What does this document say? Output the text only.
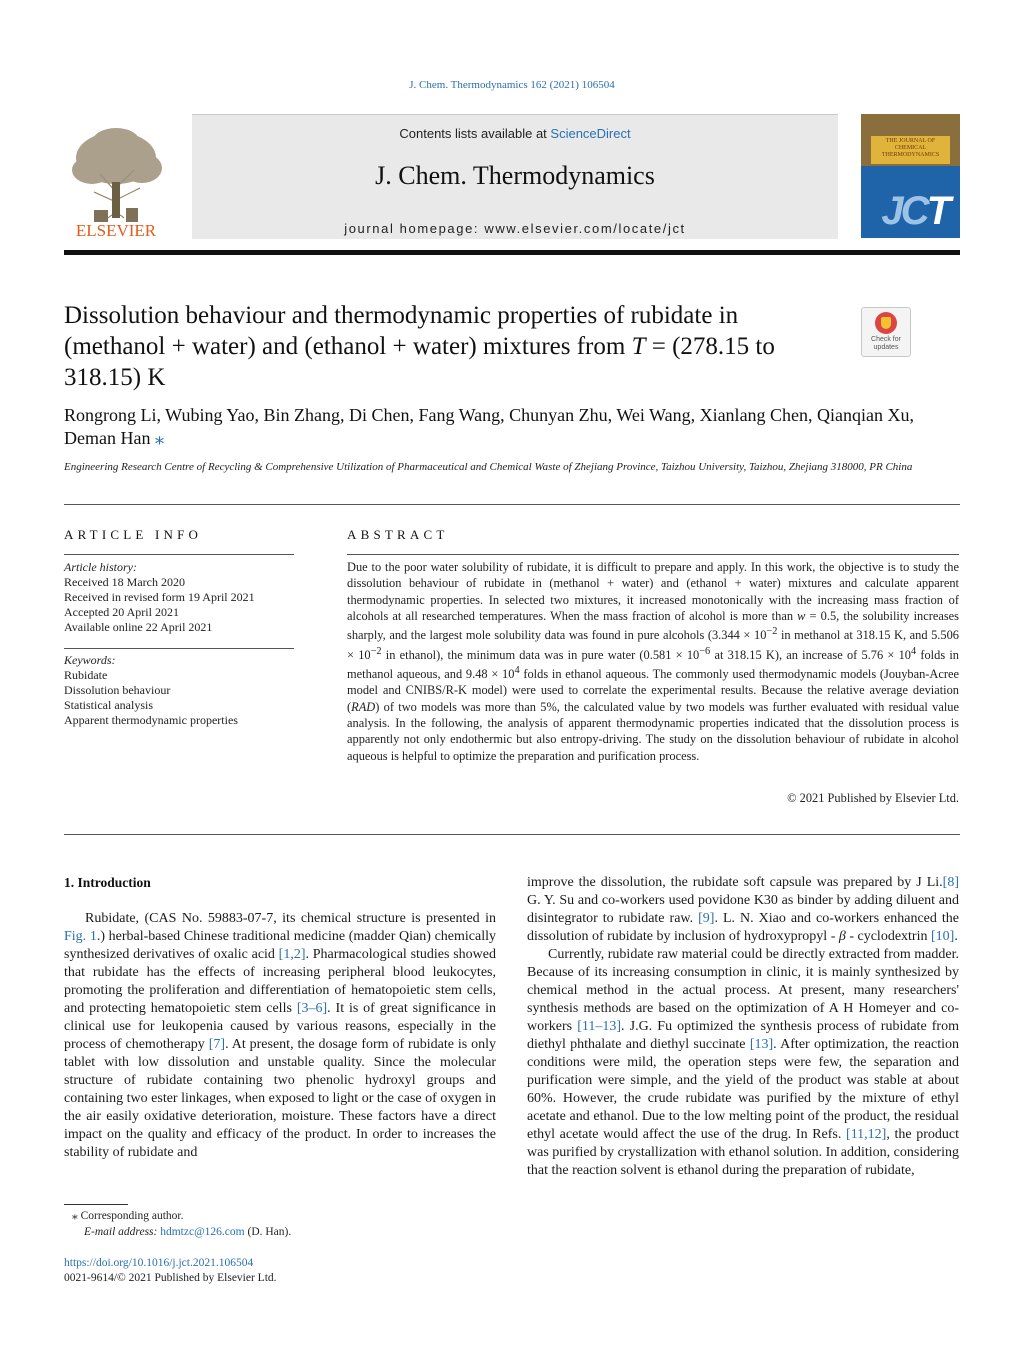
J. Chem. Thermodynamics 162 (2021) 106504
ELSEVIER
Contents lists available at ScienceDirect
J. Chem. Thermodynamics
journal homepage: www.elsevier.com/locate/jct
THE JOURNAL OF CHEMICAL THERMODYNAMICS
JCT
Dissolution behaviour and thermodynamic properties of rubidate in (methanol + water) and (ethanol + water) mixtures from T = (278.15 to 318.15) K
Check for updates
Rongrong Li, Wubing Yao, Bin Zhang, Di Chen, Fang Wang, Chunyan Zhu, Wei Wang, Xianlang Chen, Qianqian Xu, Deman Han ⁎
Engineering Research Centre of Recycling & Comprehensive Utilization of Pharmaceutical and Chemical Waste of Zhejiang Province, Taizhou University, Taizhou, Zhejiang 318000, PR China
ARTICLE INFO	ABSTRACT
Article history:
Received 18 March 2020
Received in revised form 19 April 2021
Accepted 20 April 2021
Available online 22 April 2021
Keywords:
Rubidate
Dissolution behaviour
Statistical analysis
Apparent thermodynamic properties
Due to the poor water solubility of rubidate, it is difficult to prepare and apply. In this work, the objective is to study the dissolution behaviour of rubidate in (methanol + water) and (ethanol + water) mixtures and calculate apparent thermodynamic properties. In selected two mixtures, it increased monotonically with the increasing mass fraction of alcohols at all researched temperatures. When the mass fraction of alcohol is more than w = 0.5, the solubility increases sharply, and the largest mole solubility data was found in pure alcohols ($3.344 \times 10^{-2}$ in methanol at 318.15 K, and $5.506 \times 10^{-2}$ in ethanol), the minimum data was in pure water ($0.581 \times 10^{-6}$ at 318.15 K), an increase of $5.76 \times 10^4$ folds in methanol aqueous, and $9.48 \times 10^4$ folds in ethanol aqueous. The commonly used thermodynamic models (Jouyban-Acree model and CNIBS/R-K model) were used to correlate the experimental results. Because the relative average deviation (RAD) of two models was more than 5%, the calculated value by two models was further evaluated with residual value analysis. In the following, the analysis of apparent thermodynamic properties indicated that the dissolution process is apparently not only endothermic but also entropy-driving. The study on the dissolution behaviour of rubidate in alcohol aqueous is helpful to optimize the preparation and purification process.
© 2021 Published by Elsevier Ltd.
1. Introduction

Rubidate, (CAS No. 59883-07-7, its chemical structure is presented in Fig. 1.) herbal-based Chinese traditional medicine (madder Qian) chemically synthesized derivatives of oxalic acid [1,2]. Pharmacological studies showed that rubidate has the effects of increasing peripheral blood leukocytes, promoting the proliferation and differentiation of hematopoietic stem cells, and protecting hematopoietic stem cells [3–6]. It is of great significance in clinical use for leukopenia caused by various reasons, especially in the process of chemotherapy [7]. At present, the dosage form of rubidate is only tablet with low dissolution and unstable quality. Since the molecular structure of rubidate containing two phenolic hydroxyl groups and containing two ester linkages, when exposed to light or the case of oxygen in the air easily oxidative deterioration, moisture. These factors have a direct impact on the quality and efficacy of the product. In order to increases the stability of rubidate and

improve the dissolution, the rubidate soft capsule was prepared by J Li.[8] G. Y. Su and co-workers used povidone K30 as binder by adding diluent and disintegrator to rubidate raw. [9]. L. N. Xiao and co-workers enhanced the dissolution of rubidate by inclusion of hydroxypropyl - β - cyclodextrin [10].

Currently, rubidate raw material could be directly extracted from madder. Because of its increasing consumption in clinic, it is mainly synthesized by chemical method in the actual process. At present, many researchers' synthesis methods are based on the optimization of A H Homeyer and co-workers [11–13]. J.G. Fu optimized the synthesis process of rubidate from diethyl phthalate and diethyl succinate [13]. After optimization, the reaction conditions were mild, the operation steps were few, the separation and purification were simple, and the yield of the product was stable at about 60%. However, the crude rubidate was purified by the mixture of ethyl acetate and ethanol. Due to the low melting point of the product, the residual ethyl acetate would affect the use of the drug. In Refs. [11,12], the product was purified by crystallization with ethanol solution. In addition, considering that the reaction solvent is ethanol during the preparation of rubidate,

⁎ Corresponding author.
E-mail address: hdmtzc@126.com (D. Han).
https://doi.org/10.1016/j.jct.2021.106504
0021-9614/© 2021 Published by Elsevier Ltd.
